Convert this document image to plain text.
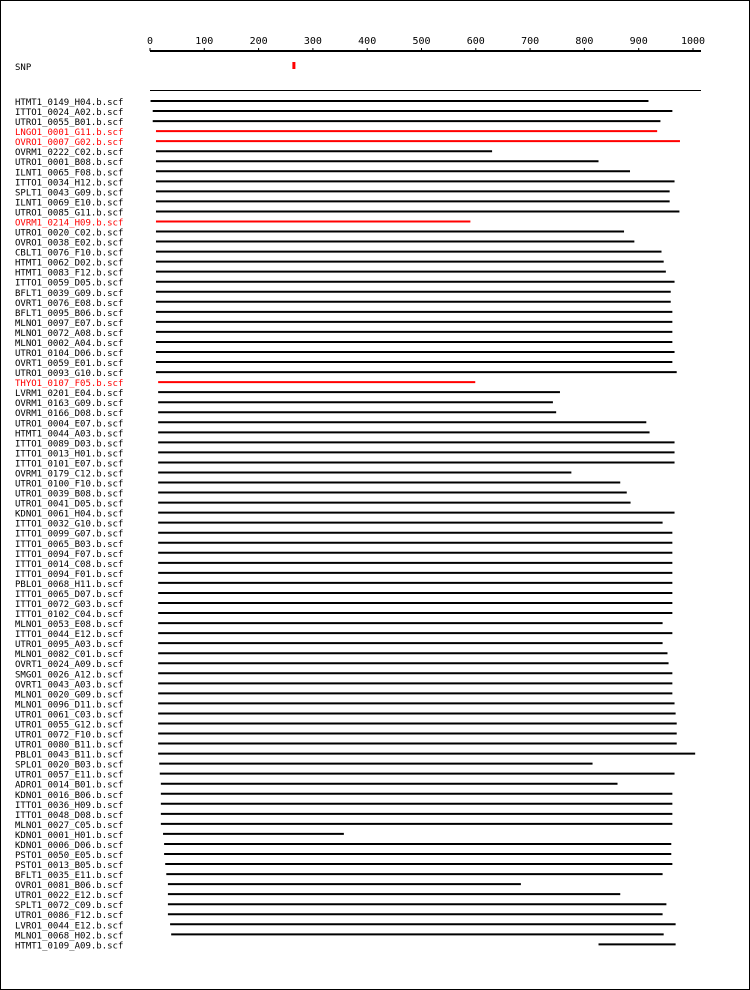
0	100	200	300	400	500	600	700	800	900	1000
SNP
HTMT1_0149_H04.b.scf
ITTO1_0024_A02.b.scf
UTRO1_0055_B01.b.scf
LNGO1_0001_G11.b.scf
OVRO1_0007_G02.b.scf
OVRM1_0222_C02.b.scf
UTRO1_0001_B08.b.scf
ILNT1_0065_F08.b.scf
ITTO1_0034_H12.b.scf
SPLT1_0043_G09.b.scf
ILNT1_0069_E10.b.scf
UTRO1_0085_G11.b.scf
OVRM1_0214_H09.b.scf
UTRO1_0020_C02.b.scf
OVRO1_0038_E02.b.scf
CBLT1_0076_F10.b.scf
HTMT1_0062_D02.b.scf
HTMT1_0083_F12.b.scf
ITTO1_0059_D05.b.scf
BFLT1_0039_G09.b.scf
OVRT1_0076_E08.b.scf
BFLT1_0095_B06.b.scf
MLNO1_0097_E07.b.scf
MLNO1_0072_A08.b.scf
MLNO1_0002_A04.b.scf
UTRO1_0104_D06.b.scf
OVRT1_0059_E01.b.scf
UTRO1_0093_G10.b.scf
THYO1_0107_F05.b.scf
LVRM1_0201_E04.b.scf
OVRM1_0163_G09.b.scf
OVRM1_0166_D08.b.scf
UTRO1_0004_E07.b.scf
HTMT1_0044_A03.b.scf
ITTO1_0089_D03.b.scf
ITTO1_0013_H01.b.scf
ITTO1_0101_E07.b.scf
OVRM1_0179_C12.b.scf
UTRO1_0100_F10.b.scf
UTRO1_0039_B08.b.scf
UTRO1_0041_D05.b.scf
KDNO1_0061_H04.b.scf
ITTO1_0032_G10.b.scf
ITTO1_0099_G07.b.scf
ITTO1_0065_B03.b.scf
ITTO1_0094_F07.b.scf
ITTO1_0014_C08.b.scf
ITTO1_0094_F01.b.scf
PBLO1_0068_H11.b.scf
ITTO1_0065_D07.b.scf
ITTO1_0072_G03.b.scf
ITTO1_0102_C04.b.scf
MLNO1_0053_E08.b.scf
ITTO1_0044_E12.b.scf
UTRO1_0095_A03.b.scf
MLNO1_0082_C01.b.scf
OVRT1_0024_A09.b.scf
SMGO1_0026_A12.b.scf
OVRT1_0043_A03.b.scf
MLNO1_0020_G09.b.scf
MLNO1_0096_D11.b.scf
UTRO1_0061_C03.b.scf
UTRO1_0055_G12.b.scf
UTRO1_0072_F10.b.scf
UTRO1_0080_B11.b.scf
PBLO1_0043_B11.b.scf
SPLO1_0020_B03.b.scf
UTRO1_0057_E11.b.scf
ADRO1_0014_B01.b.scf
KDNO1_0016_B06.b.scf
ITTO1_0036_H09.b.scf
ITTO1_0048_D08.b.scf
MLNO1_0027_C05.b.scf
KDNO1_0001_H01.b.scf
KDNO1_0006_D06.b.scf
PSTO1_0050_E05.b.scf
PSTO1_0013_B05.b.scf
BFLT1_0035_E11.b.scf
OVRO1_0081_B06.b.scf
UTRO1_0022_E12.b.scf
SPLT1_0072_C09.b.scf
UTRO1_0086_F12.b.scf
LVRO1_0044_E12.b.scf
MLNO1_0068_H02.b.scf
HTMT1_0109_A09.b.scf
